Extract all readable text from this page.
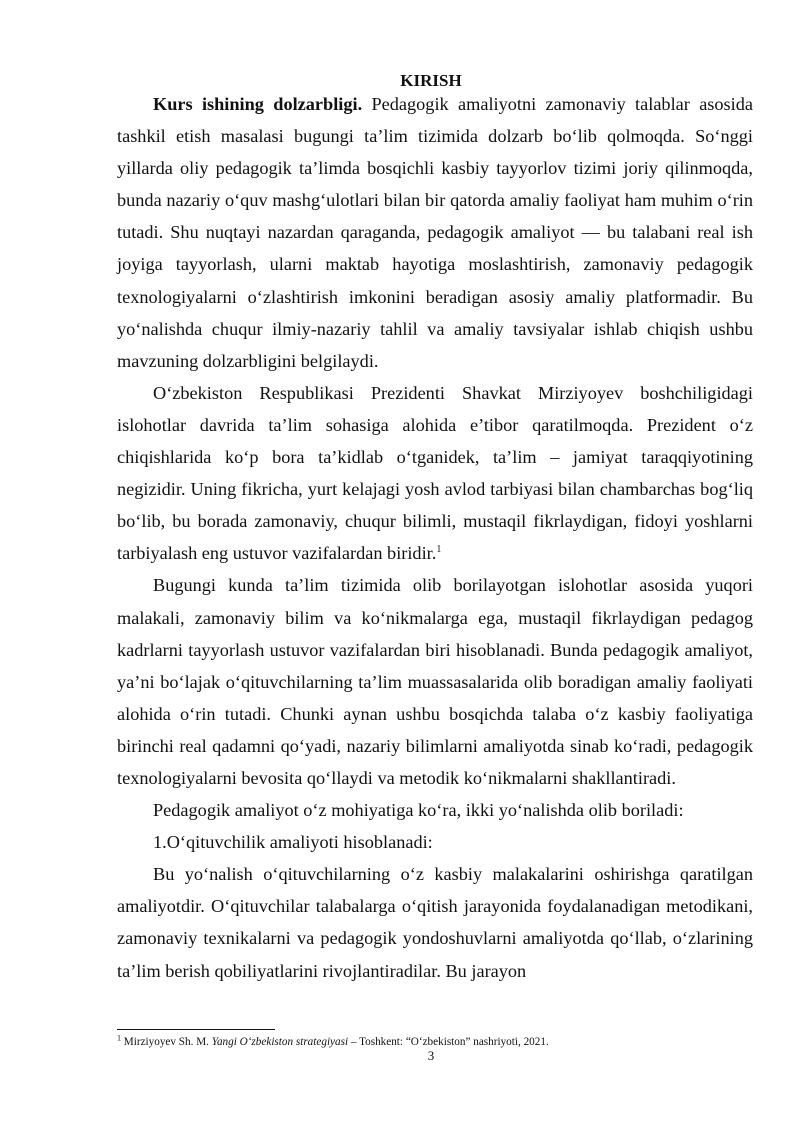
KIRISH

Kurs ishining dolzarbligi. Pedagogik amaliyotni zamonaviy talablar asosida tashkil etish masalasi bugungi ta’lim tizimida dolzarb bo‘lib qolmoqda. So‘nggi yillarda oliy pedagogik ta’limda bosqichli kasbiy tayyorlov tizimi joriy qilinmoqda, bunda nazariy o‘quv mashg‘ulotlari bilan bir qatorda amaliy faoliyat ham muhim o‘rin tutadi. Shu nuqtayi nazardan qaraganda, pedagogik amaliyot — bu talabani real ish joyiga tayyorlash, ularni maktab hayotiga moslashtirish, zamonaviy pedagogik texnologiyalarni o‘zlashtirish imkonini beradigan asosiy amaliy platformadir. Bu yo‘nalishda chuqur ilmiy-nazariy tahlil va amaliy tavsiyalar ishlab chiqish ushbu mavzuning dolzarbligini belgilaydi.

O‘zbekiston Respublikasi Prezidenti Shavkat Mirziyoyev boshchiligidagi islohotlar davrida ta’lim sohasiga alohida e’tibor qaratilmoqda. Prezident o‘z chiqishlarida ko‘p bora ta’kidlab o‘tganidek, ta’lim – jamiyat taraqqiyotining negizidir. Uning fikricha, yurt kelajagi yosh avlod tarbiyasi bilan chambarchas bog‘liq bo‘lib, bu borada zamonaviy, chuqur bilimli, mustaqil fikrlaydigan, fidoyi yoshlarni tarbiyalash eng ustuvor vazifalardan biridir.$^1$

Bugungi kunda ta’lim tizimida olib borilayotgan islohotlar asosida yuqori malakali, zamonaviy bilim va ko‘nikmalarga ega, mustaqil fikrlaydigan pedagog kadrlarni tayyorlash ustuvor vazifalardan biri hisoblanadi. Bunda pedagogik amaliyot, ya’ni bo‘lajak o‘qituvchilarning ta’lim muassasalarida olib boradigan amaliy faoliyati alohida o‘rin tutadi. Chunki aynan ushbu bosqichda talaba o‘z kasbiy faoliyatiga birinchi real qadamni qo‘yadi, nazariy bilimlarni amaliyotda sinab ko‘radi, pedagogik texnologiyalarni bevosita qo‘llaydi va metodik ko‘nikmalarni shakllantiradi.

Pedagogik amaliyot o‘z mohiyatiga ko‘ra, ikki yo‘nalishda olib boriladi:

1.O‘qituvchilik amaliyoti hisoblanadi:

Bu yo‘nalish o‘qituvchilarning o‘z kasbiy malakalarini oshirishga qaratilgan amaliyotdir. O‘qituvchilar talabalarga o‘qitish jarayonida foydalanadigan metodikani, zamonaviy texnikalarni va pedagogik yondoshuvlarni amaliyotda qo‘llab, o‘zlarining ta’lim berish qobiliyatlarini rivojlantiradilar. Bu jarayon

$^1$ Mirziyoyev Sh. M. Yangi O‘zbekiston strategiyasi – Toshkent: “O‘zbekiston” nashriyoti, 2021.
3
